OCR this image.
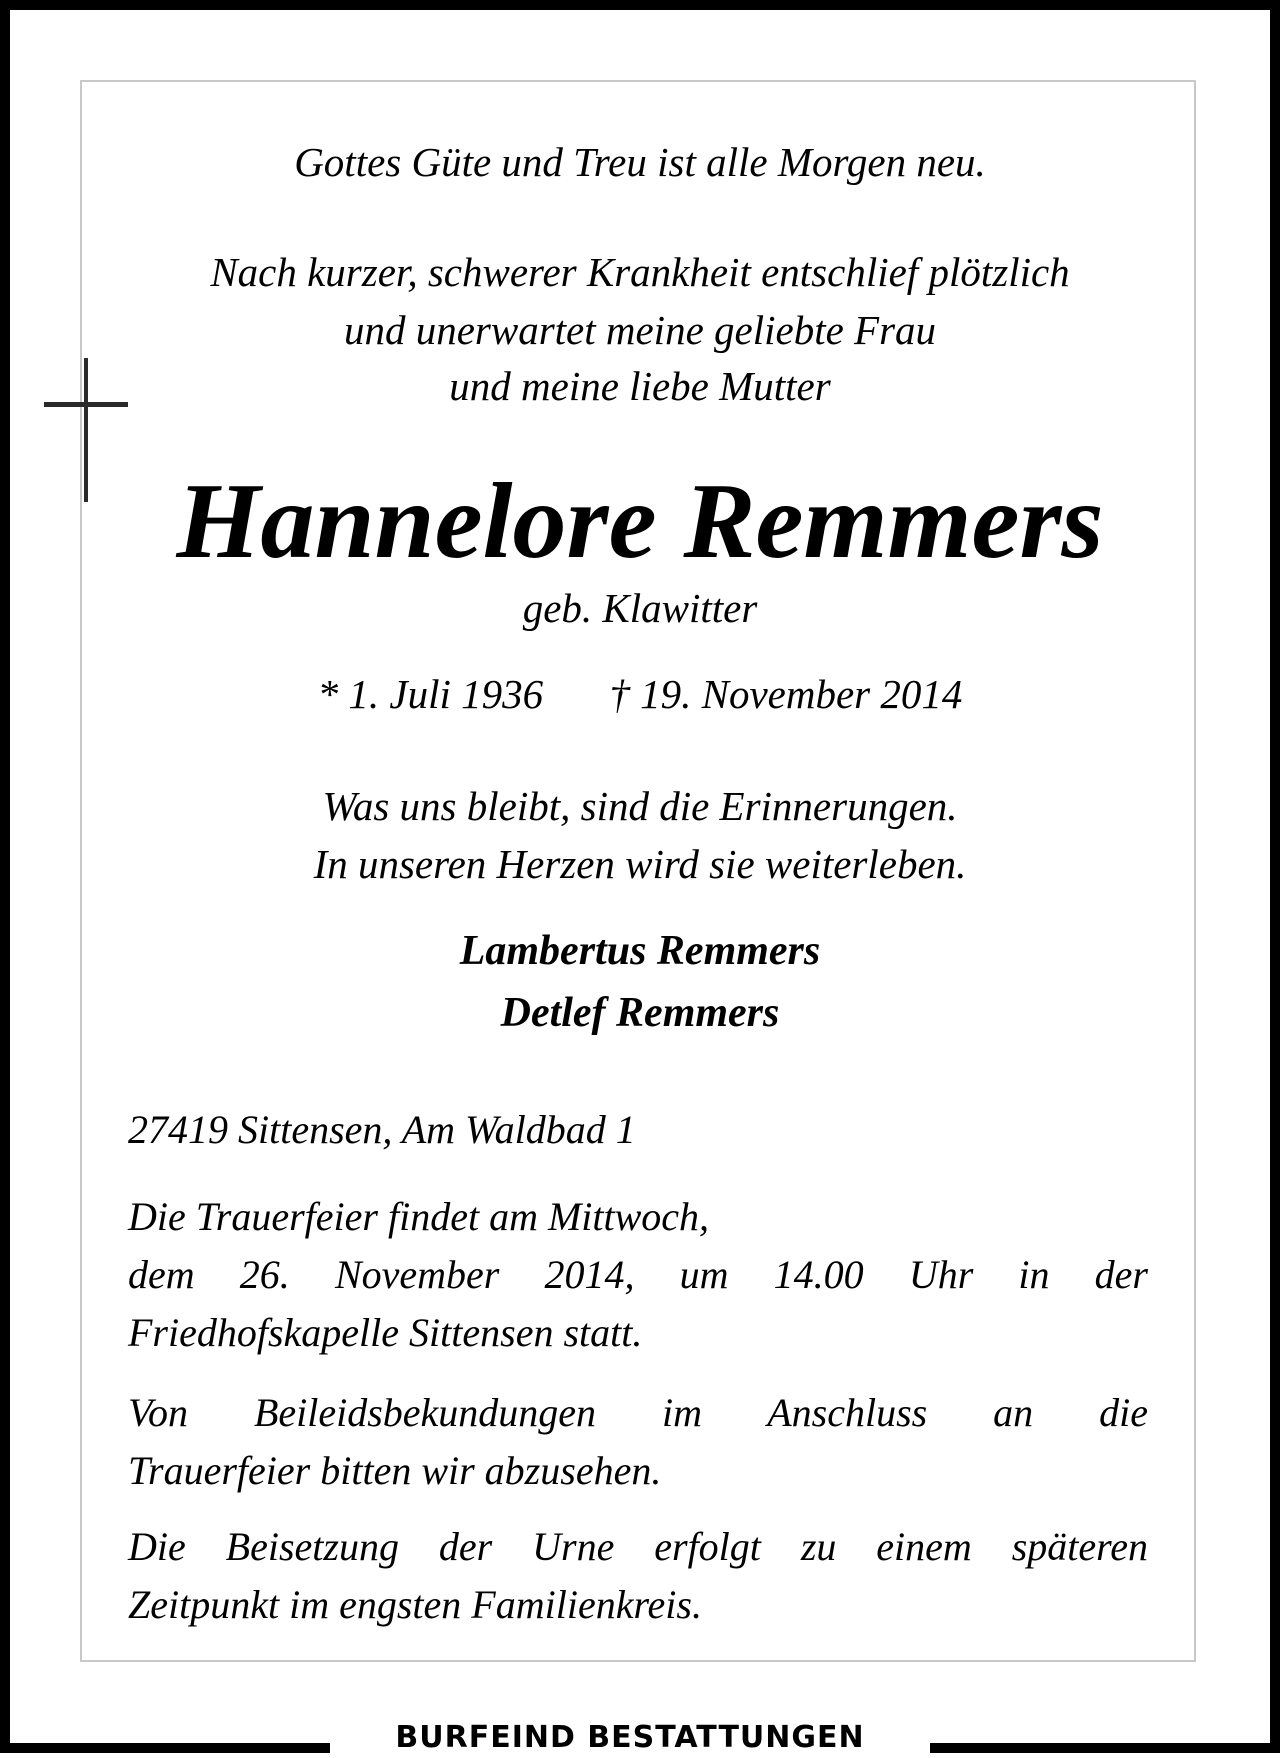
Gottes Güte und Treu ist alle Morgen neu.
Nach kurzer, schwerer Krankheit entschlief plötzlich
und unerwartet meine geliebte Frau
und meine liebe Mutter
Hannelore Remmers
geb. Klawitter
* 1. Juli 1936 † 19. November 2014
Was uns bleibt, sind die Erinnerungen.
In unseren Herzen wird sie weiterleben.
Lambertus Remmers
Detlef Remmers
27419 Sittensen, Am Waldbad 1
Die Trauerfeier findet am Mittwoch,
dem 26. November 2014, um 14.00 Uhr in der
Friedhofskapelle Sittensen statt.
Von Beileidsbekundungen im Anschluss an die
Trauerfeier bitten wir abzusehen.
Die Beisetzung der Urne erfolgt zu einem späteren
Zeitpunkt im engsten Familienkreis.
BURFEIND BESTATTUNGEN
